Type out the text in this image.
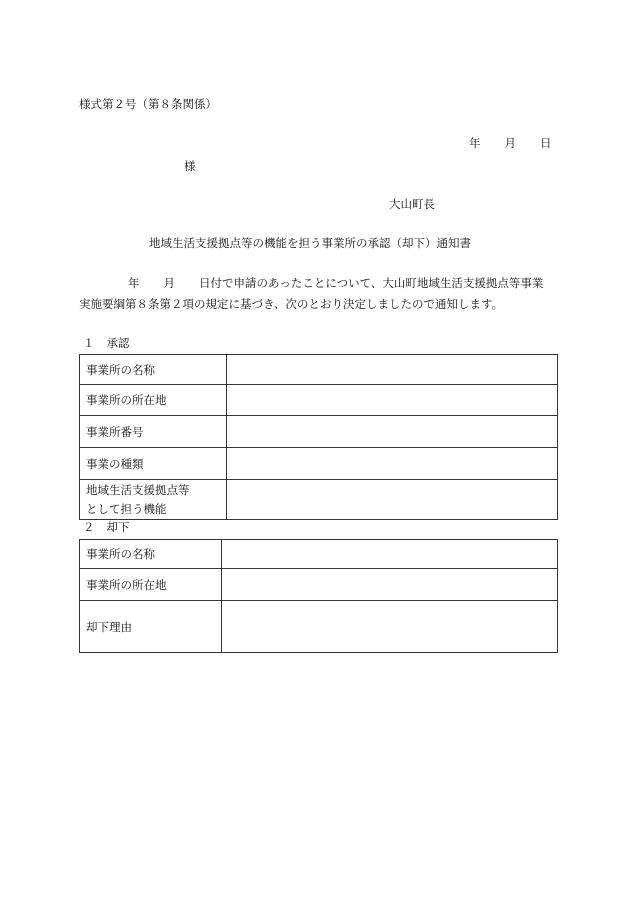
様式第２号（第８条関係）
年 月 日
様
大山町長
地域生活支援拠点等の機能を担う事業所の承認（却下）通知書
年 月 日付で申請のあったことについて、大山町地域生活支援拠点等事業
実施要綱第８条第２項の規定に基づき、次のとおり決定しましたので通知します。
１ 承認
事業所の名称	
事業所の所在地	
事業所番号	
事業の種類	

地域生活支援拠点等
として担う機能	

２ 却下
事業所の名称	
事業所の所在地	
却下理由	
